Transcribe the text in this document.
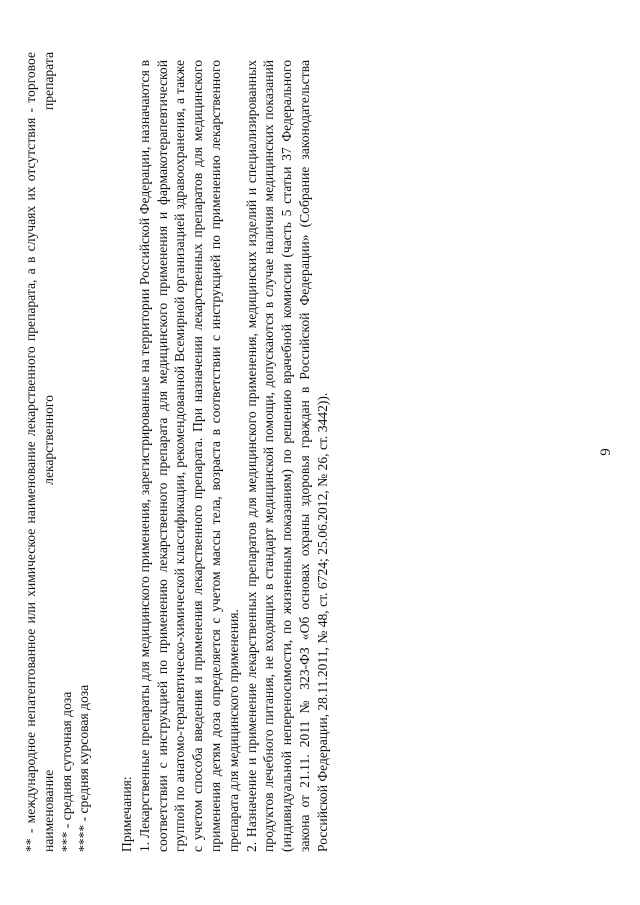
9
** - международное непатентованное или химическое наименование лекарственного препарата, а в случаях их отсутствия - торговое наименование лекарственного препарата *** - средняя суточная доза
**** - средняя курсовая доза Примечания: 1. Лекарственные препараты для медицинского применения, зарегистрированные на территории Российской Федерации, назначаются в соответствии с инструкцией по применению лекарственного препарата для медицинского применения и фармакотерапевтической группой по анатомо-терапевтическо-химической классификации, рекомендованной Всемирной организацией здравоохранения, а также с учетом способа введения и применения лекарственного препарата. При назначении лекарственных препаратов для медицинского применения детям доза определяется с учетом массы тела, возраста в соответствии с инструкцией по применению лекарственного препарата для медицинского применения. 2. Назначение и применение лекарственных препаратов для медицинского применения, медицинских изделий и специализированных продуктов лечебного питания, не входящих в стандарт медицинской помощи, допускаются в случае наличия медицинских показаний (индивидуальной непереносимости, по жизненным показаниям) по решению врачебной комиссии (часть 5 статьи 37 Федерального закона от 21.11. 2011 № 323-ФЗ «Об основах охраны здоровья граждан в Российской Федерации» (Собрание законодательства Российской Федерации, 28.11.2011, № 48, ст. 6724; 25.06.2012, № 26, ст. 3442)).
